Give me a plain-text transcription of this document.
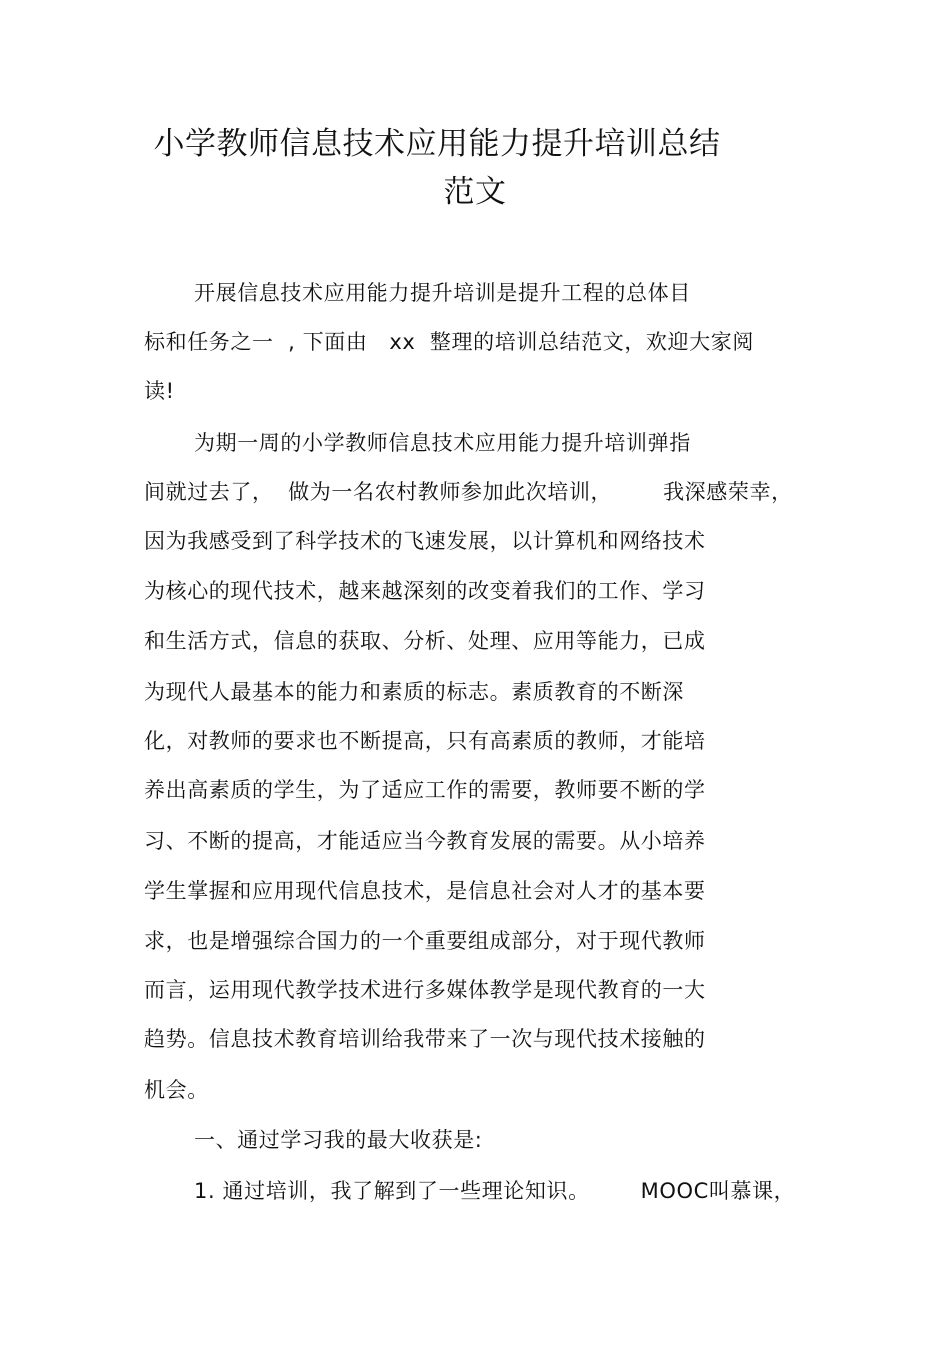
小学教师信息技术应用能力提升培训总结
范文
开展信息技术应用能力提升培训是提升工程的总体目
标和任务之一  , 下面由   xx  整理的培训总结范文，欢迎大家阅
读!
为期一周的小学教师信息技术应用能力提升培训弹指
间就过去了，  做为一名农村教师参加此次培训，       我深感荣幸，
因为我感受到了科学技术的飞速发展，以计算机和网络技术
为核心的现代技术，越来越深刻的改变着我们的工作、学习
和生活方式，信息的获取、分析、处理、应用等能力，已成
为现代人最基本的能力和素质的标志。素质教育的不断深
化，对教师的要求也不断提高，只有高素质的教师，才能培
养出高素质的学生，为了适应工作的需要，教师要不断的学
习、不断的提高，才能适应当今教育发展的需要。从小培养
学生掌握和应用现代信息技术，是信息社会对人才的基本要
求，也是增强综合国力的一个重要组成部分，对于现代教师
而言，运用现代教学技术进行多媒体教学是现代教育的一大
趋势。信息技术教育培训给我带来了一次与现代技术接触的
机会。
一、通过学习我的最大收获是:
1. 通过培训，我了解到了一些理论知识。       MOOC叫慕课，
